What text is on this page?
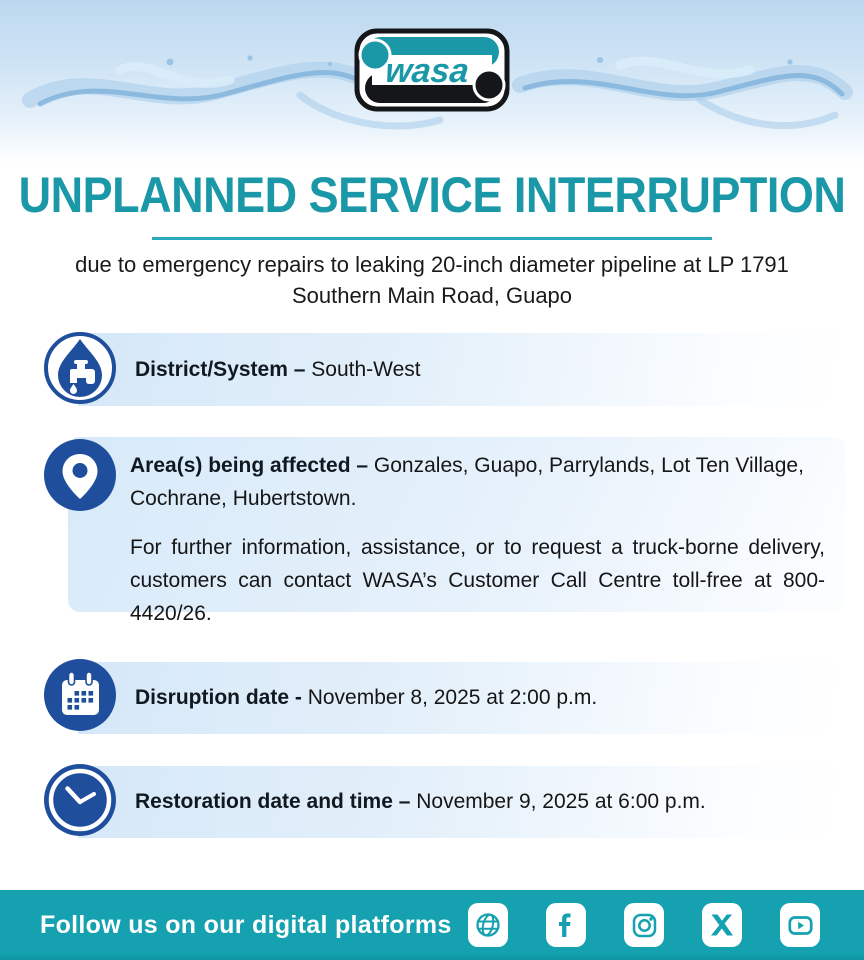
wasa
UNPLANNED SERVICE INTERRUPTION
due to emergency repairs to leaking 20-inch diameter pipeline at LP 1791
Southern Main Road, Guapo
District/System – South-West

Area(s) being affected – Gonzales, Guapo, Parrylands, Lot Ten Village, Cochrane, Hubertstown.

For further information, assistance, or to request a truck-borne delivery, customers can contact WASA’s Customer Call Centre toll-free at 800-4420/26.

Disruption date - November 8, 2025 at 2:00 p.m.
Restoration date and time – November 9, 2025 at 6:00 p.m.
Follow us on our digital platforms
